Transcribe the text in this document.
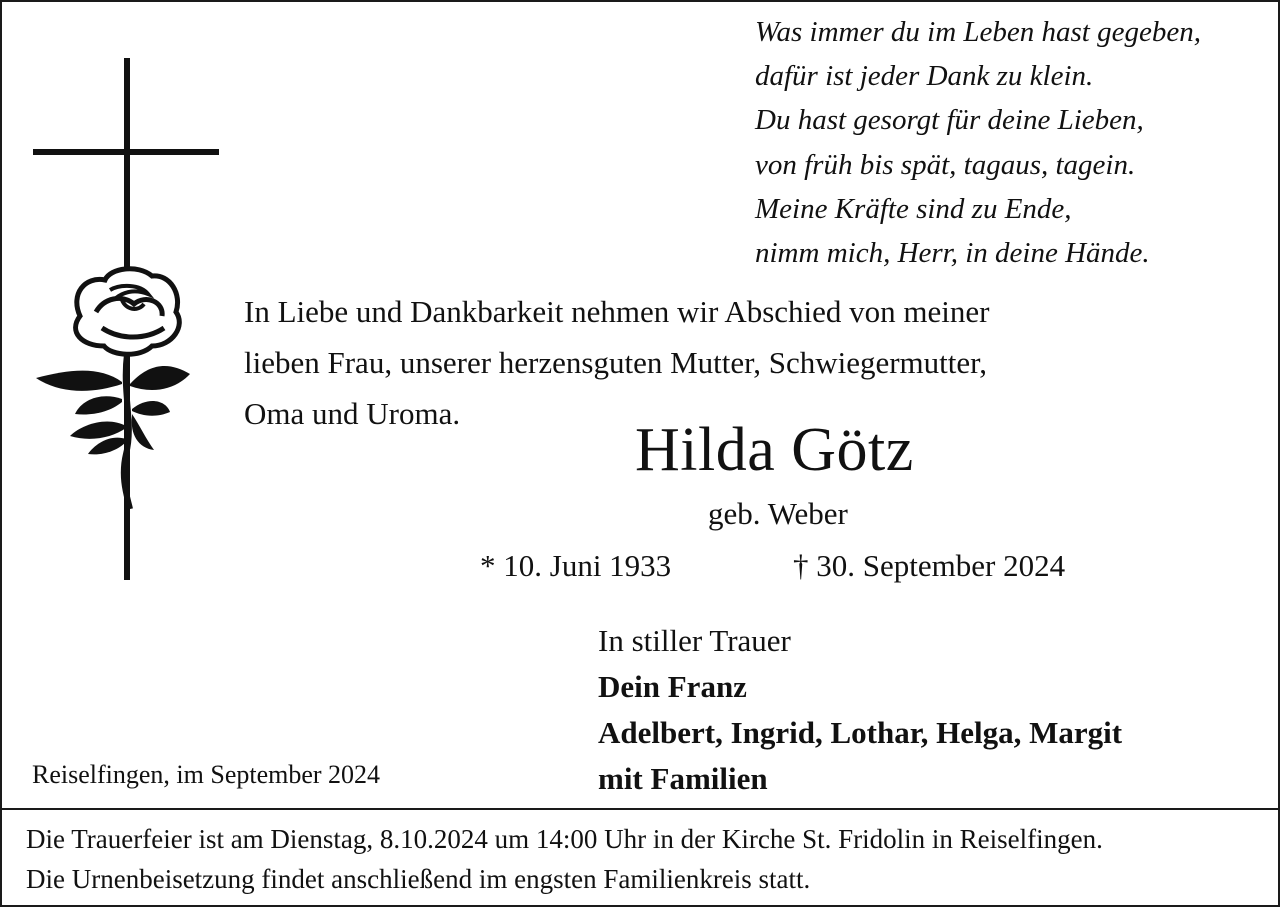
Was immer du im Leben hast gegeben,
dafür ist jeder Dank zu klein.
Du hast gesorgt für deine Lieben,
von früh bis spät, tagaus, tagein.
Meine Kräfte sind zu Ende,
nimm mich, Herr, in deine Hände.
In Liebe und Dankbarkeit nehmen wir Abschied von meiner
lieben Frau, unserer herzensguten Mutter, Schwiegermutter,
Oma und Uroma.
Hilda Götz
geb. Weber
* 10. Juni 1933	† 30. September 2024
In stiller Trauer
Dein Franz
Adelbert, Ingrid, Lothar, Helga, Margit
mit Familien
Reiselfingen, im September 2024
Die Trauerfeier ist am Dienstag, 8.10.2024 um 14:00 Uhr in der Kirche St. Fridolin in Reiselfingen.
Die Urnenbeisetzung findet anschließend im engsten Familienkreis statt.
